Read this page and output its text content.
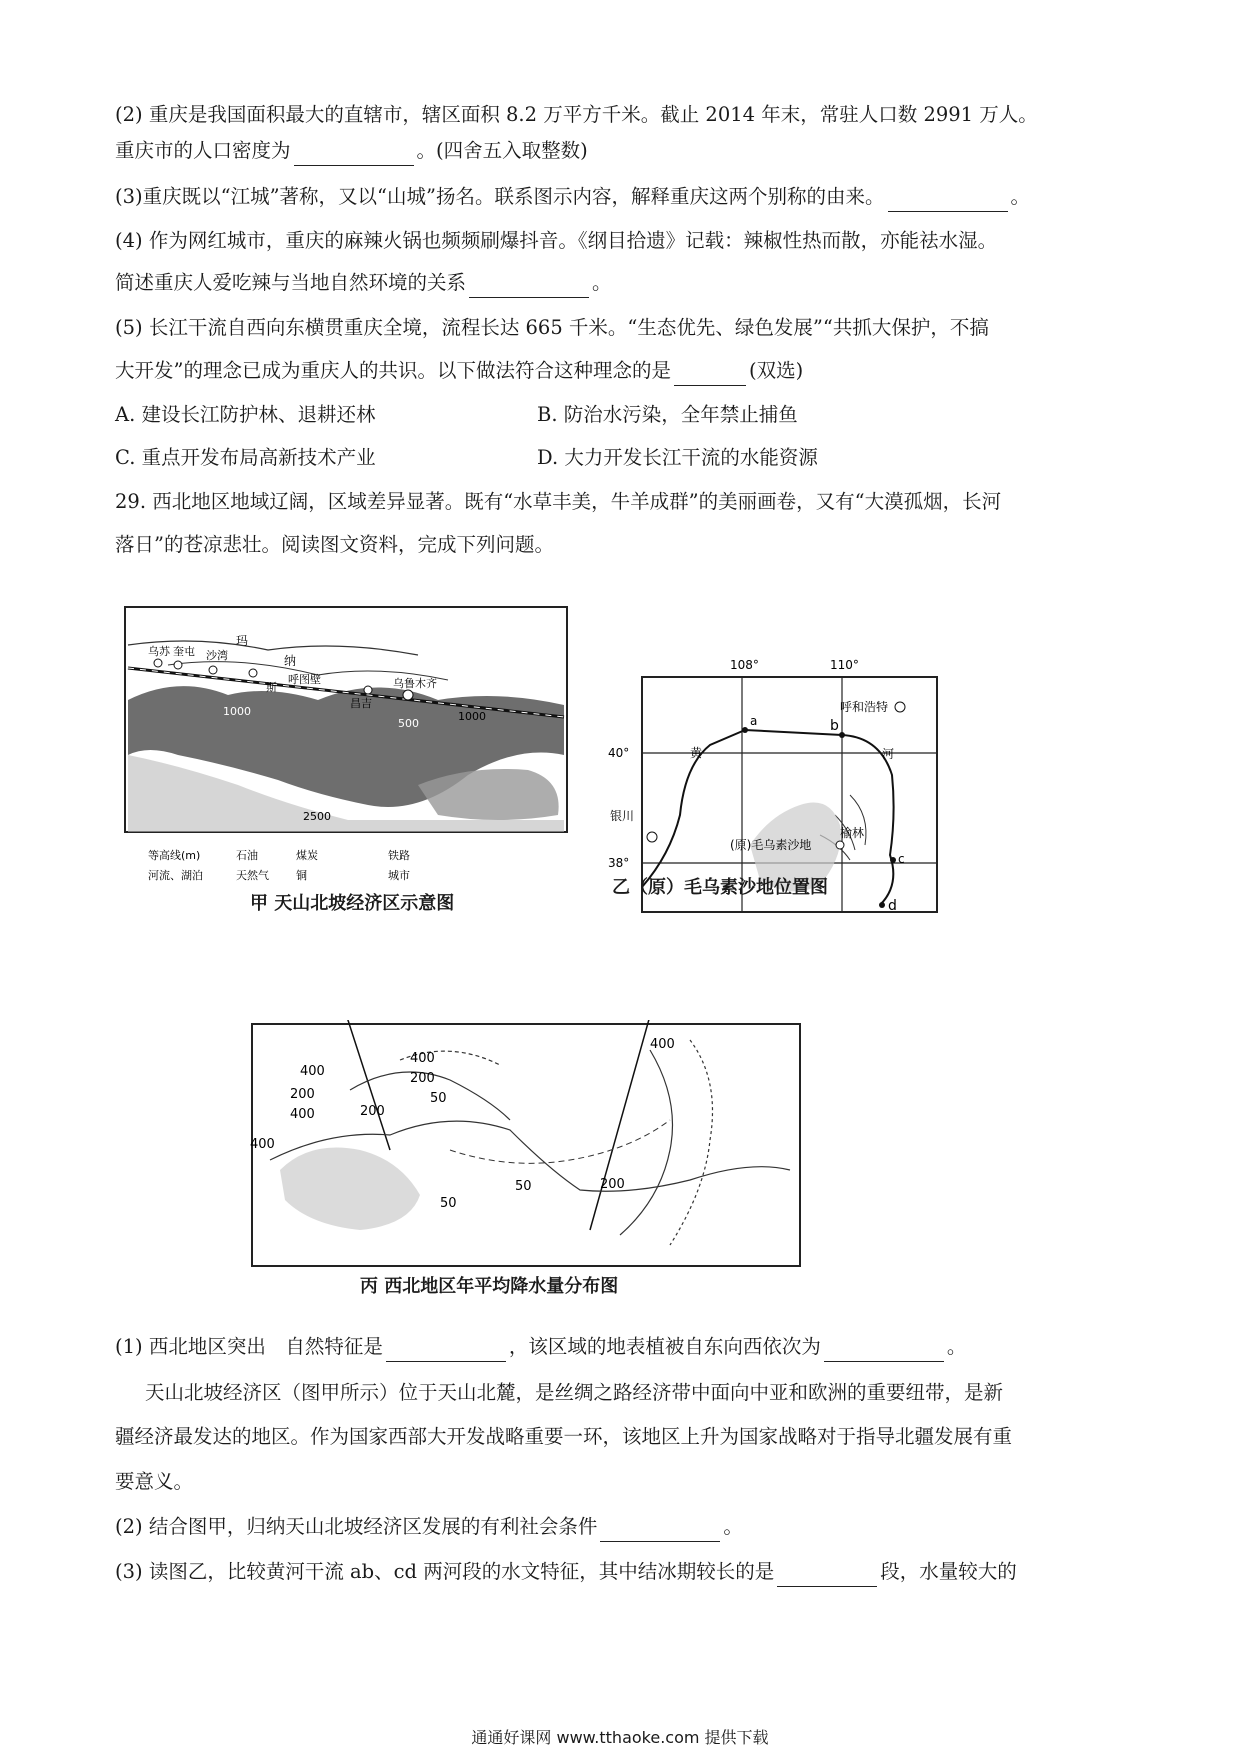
(2) 重庆是我国面积最大的直辖市，辖区面积 8.2 万平方千米。截止 2014 年末，常驻人口数 2991 万人。
重庆市的人口密度为	。(四舍五入取整数)
(3)重庆既以“江城”著称，又以“山城”扬名。联系图示内容，解释重庆这两个别称的由来。	。
(4) 作为网红城市，重庆的麻辣火锅也频频刷爆抖音。《纲目拾遗》记载：辣椒性热而散，亦能祛水湿。
简述重庆人爱吃辣与当地自然环境的关系	。
(5) 长江干流自西向东横贯重庆全境，流程长达 665 千米。“生态优先、绿色发展”“共抓大保护，不搞
大开发”的理念已成为重庆人的共识。以下做法符合这种理念的是	(双选)
A. 建设长江防护林、退耕还林	B. 防治水污染，全年禁止捕鱼
C. 重点开发布局高新技术产业	D. 大力开发长江干流的水能资源
29. 西北地区地域辽阔，区域差异显著。既有“水草丰美，牛羊成群”的美丽画卷，又有“大漠孤烟，长河
落日”的苍凉悲壮。阅读图文资料，完成下列问题。
玛
纳
乌苏 奎屯 沙湾
斯
呼图壁
昌吉
乌鲁木齐
1000	1000
500
2500
等高线(m)	石油	煤炭	铁路
河流、湖泊	天然气 铜	城市
甲 天山北坡经济区示意图
108°	110°
40°
38°
a	b
c
d
黄	河
呼和浩特
银川
(原)毛乌素沙地
榆林
乙（原）毛乌素沙地位置图
400
200
400
200
400
50
200
400
50
50
200
400
丙 西北地区年平均降水量分布图
(1) 西北地区突出　自然特征是	，该区域的地表植被自东向西依次为	。
天山北坡经济区（图甲所示）位于天山北麓，是丝绸之路经济带中面向中亚和欧洲的重要纽带，是新
疆经济最发达的地区。作为国家西部大开发战略重要一环，该地区上升为国家战略对于指导北疆发展有重
要意义。
(2) 结合图甲，归纳天山北坡经济区发展的有利社会条件	。
(3) 读图乙，比较黄河干流 ab、cd 两河段的水文特征，其中结冰期较长的是	段，水量较大的
通通好课网 www.tthaoke.com 提供下载
